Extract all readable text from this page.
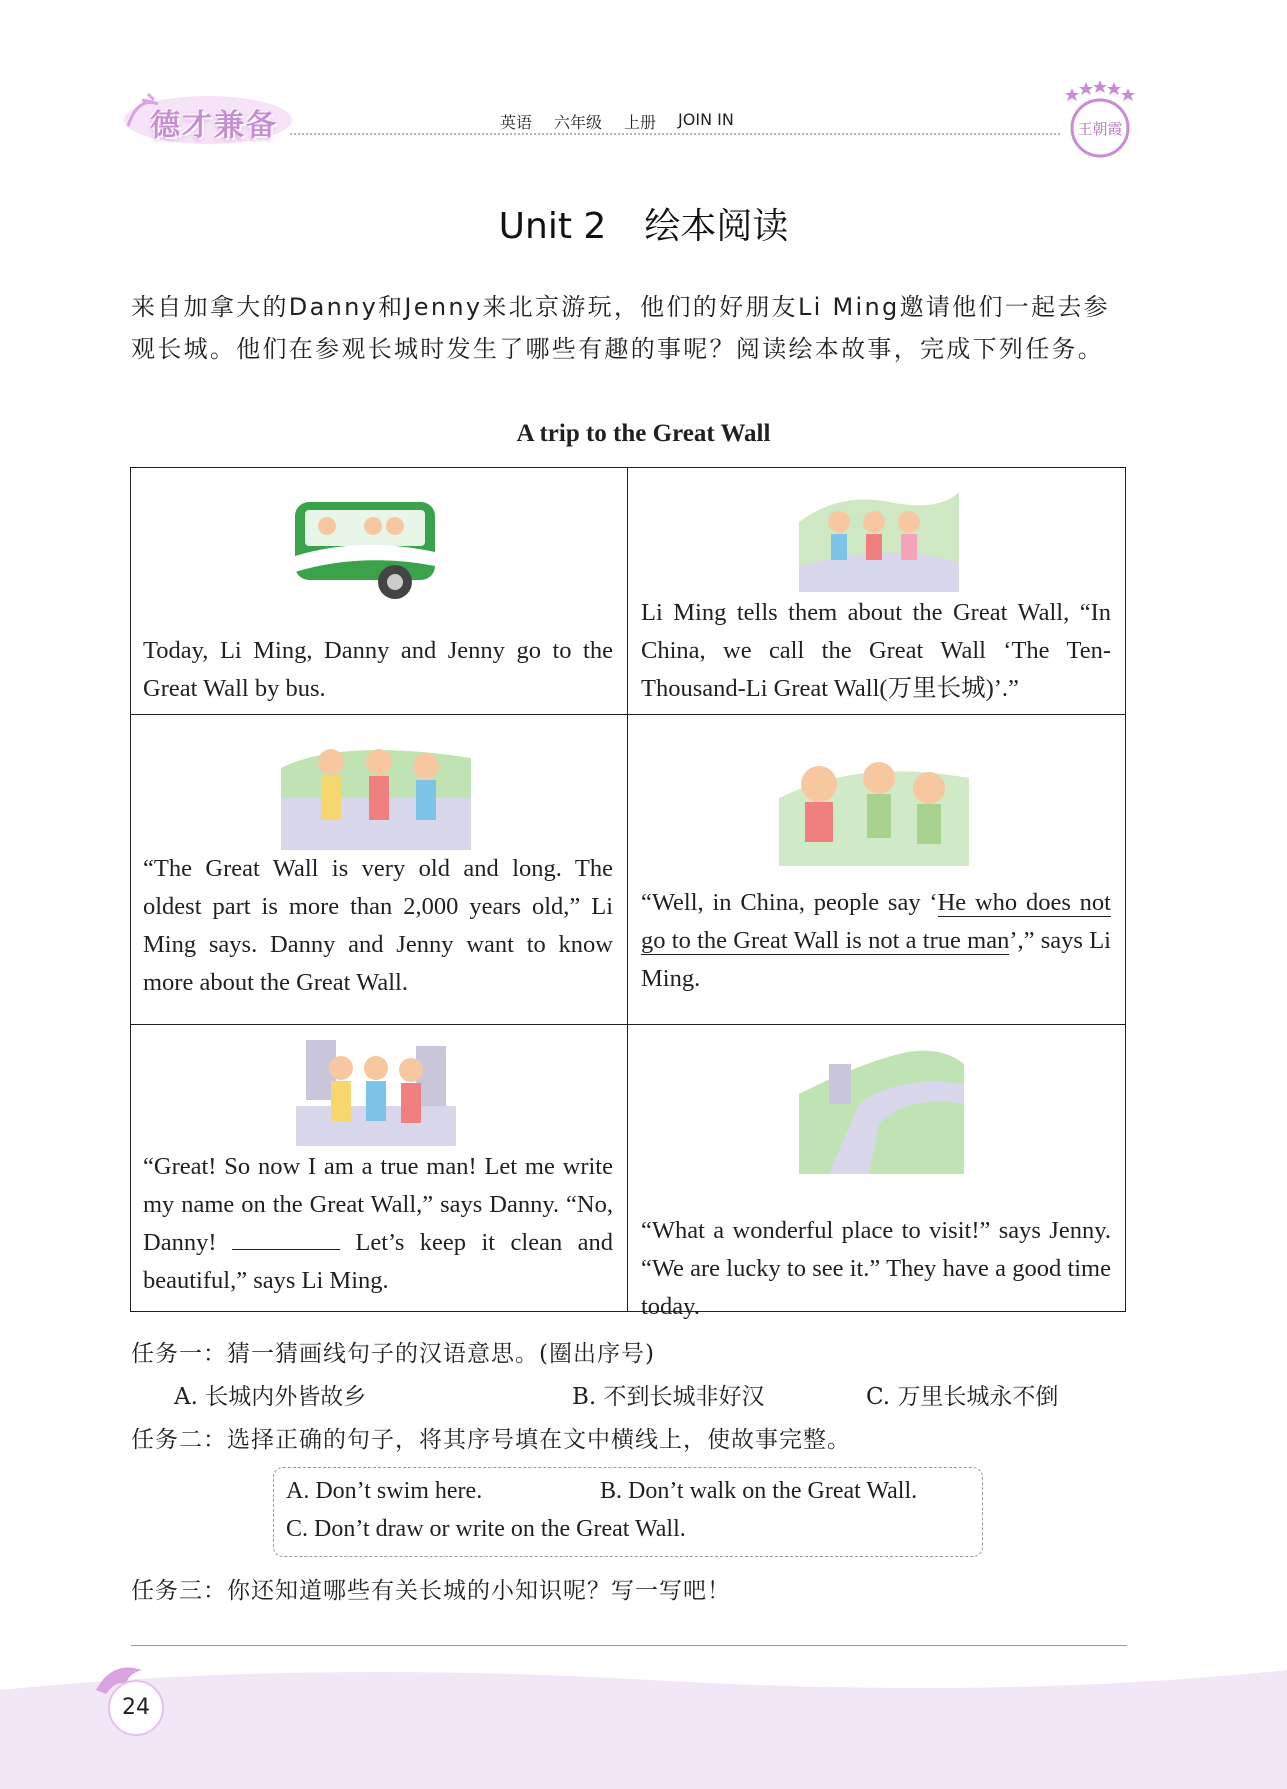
德才兼备	英语 六年级 上册 JOIN IN	王朝霞
Unit 2 绘本阅读
来自加拿大的Danny和Jenny来北京游玩，他们的好朋友Li Ming邀请他们一起去参观长城。他们在参观长城时发生了哪些有趣的事呢？阅读绘本故事，完成下列任务。
A trip to the Great Wall
Today, Li Ming, Danny and Jenny go to the Great Wall by bus.
Li Ming tells them about the Great Wall, “In China, we call the Great Wall ‘The Ten-Thousand-Li Great Wall(万里长城)’.”
“The Great Wall is very old and long. The oldest part is more than 2,000 years old,” Li Ming says. Danny and Jenny want to know more about the Great Wall.
“Well, in China, people say ‘He who does not go to the Great Wall is not a true man’,” says Li Ming.
“Great! So now I am a true man! Let me write my name on the Great Wall,” says Danny. “No, Danny!	Let’s keep it clean and beautiful,” says Li Ming.
“What a wonderful place to visit!” says Jenny. “We are lucky to see it.” They have a good time today.
任务一：猜一猜画线句子的汉语意思。(圈出序号)
A. 长城内外皆故乡	B. 不到长城非好汉	C. 万里长城永不倒
任务二：选择正确的句子，将其序号填在文中横线上，使故事完整。
A. Don’t swim here.	B. Don’t walk on the Great Wall.
C. Don’t draw or write on the Great Wall.
任务三：你还知道哪些有关长城的小知识呢？写一写吧！
24
